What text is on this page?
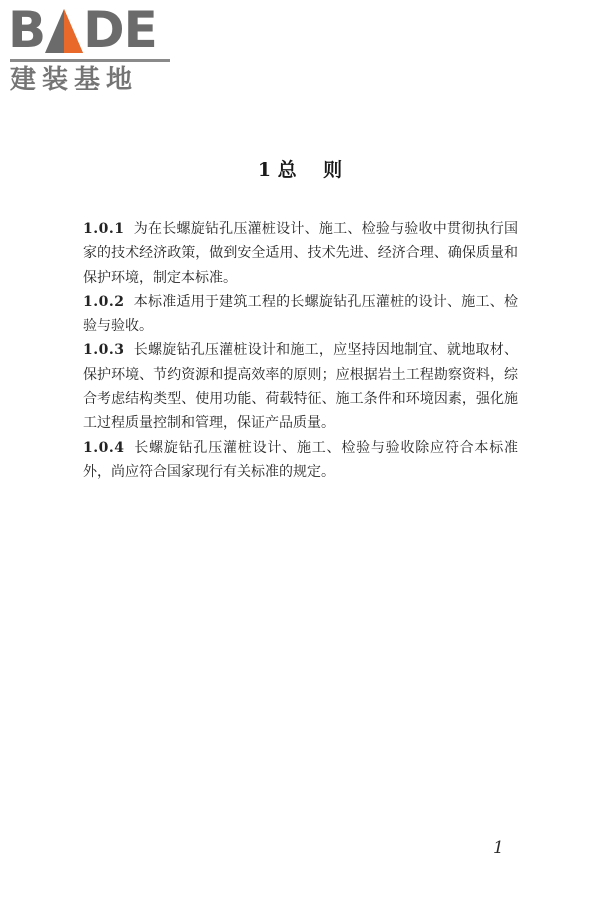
B DE
建装基地
1 总    则

1.0.1 为在长螺旋钻孔压灌桩设计、施工、检验与验收中贯彻执行国家的技术经济政策，做到安全适用、技术先进、经济合理、确保质量和保护环境，制定本标准。

1.0.2 本标准适用于建筑工程的长螺旋钻孔压灌桩的设计、施工、检验与验收。

1.0.3 长螺旋钻孔压灌桩设计和施工，应坚持因地制宜、就地取材、保护环境、节约资源和提高效率的原则；应根据岩土工程勘察资料，综合考虑结构类型、使用功能、荷载特征、施工条件和环境因素，强化施工过程质量控制和管理，保证产品质量。

1.0.4 长螺旋钻孔压灌桩设计、施工、检验与验收除应符合本标准外，尚应符合国家现行有关标准的规定。

1
